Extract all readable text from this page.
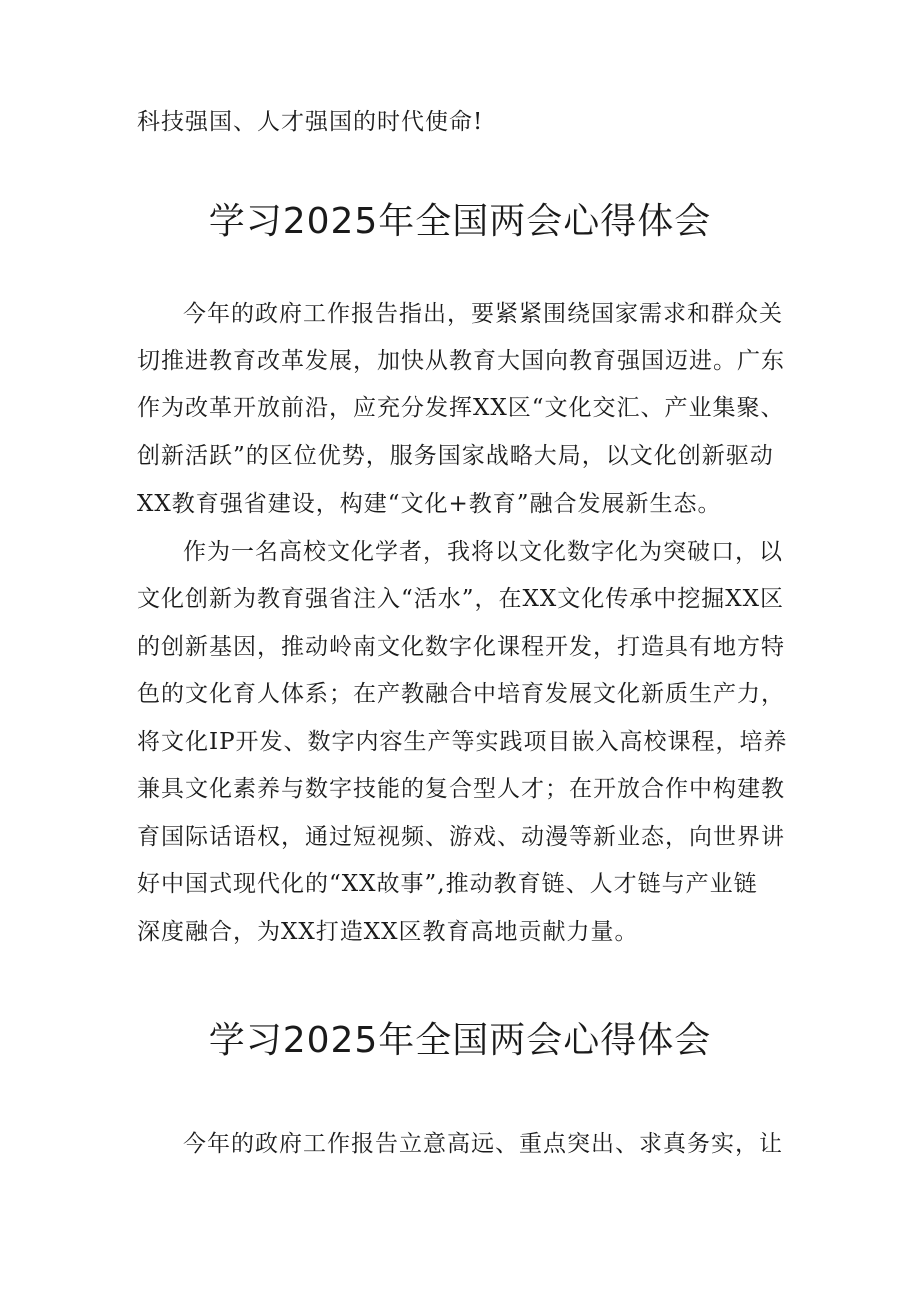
科技强国、人才强国的时代使命!
学习2025年全国两会心得体会
今年的政府工作报告指出，要紧紧围绕国家需求和群众关
切推进教育改革发展，加快从教育大国向教育强国迈进。广东
作为改革开放前沿，应充分发挥XX区“文化交汇、产业集聚、
创新活跃”的区位优势，服务国家战略大局，以文化创新驱动
XX教育强省建设，构建“文化+教育”融合发展新生态。
作为一名高校文化学者，我将以文化数字化为突破口，以
文化创新为教育强省注入“活水”，在XX文化传承中挖掘XX区
的创新基因，推动岭南文化数字化课程开发，打造具有地方特
色的文化育人体系；在产教融合中培育发展文化新质生产力，
将文化IP开发、数字内容生产等实践项目嵌入高校课程，培养
兼具文化素养与数字技能的复合型人才；在开放合作中构建教
育国际话语权，通过短视频、游戏、动漫等新业态，向世界讲
好中国式现代化的“XX故事”,推动教育链、人才链与产业链
深度融合，为XX打造XX区教育高地贡献力量。
学习2025年全国两会心得体会
今年的政府工作报告立意高远、重点突出、求真务实，让
